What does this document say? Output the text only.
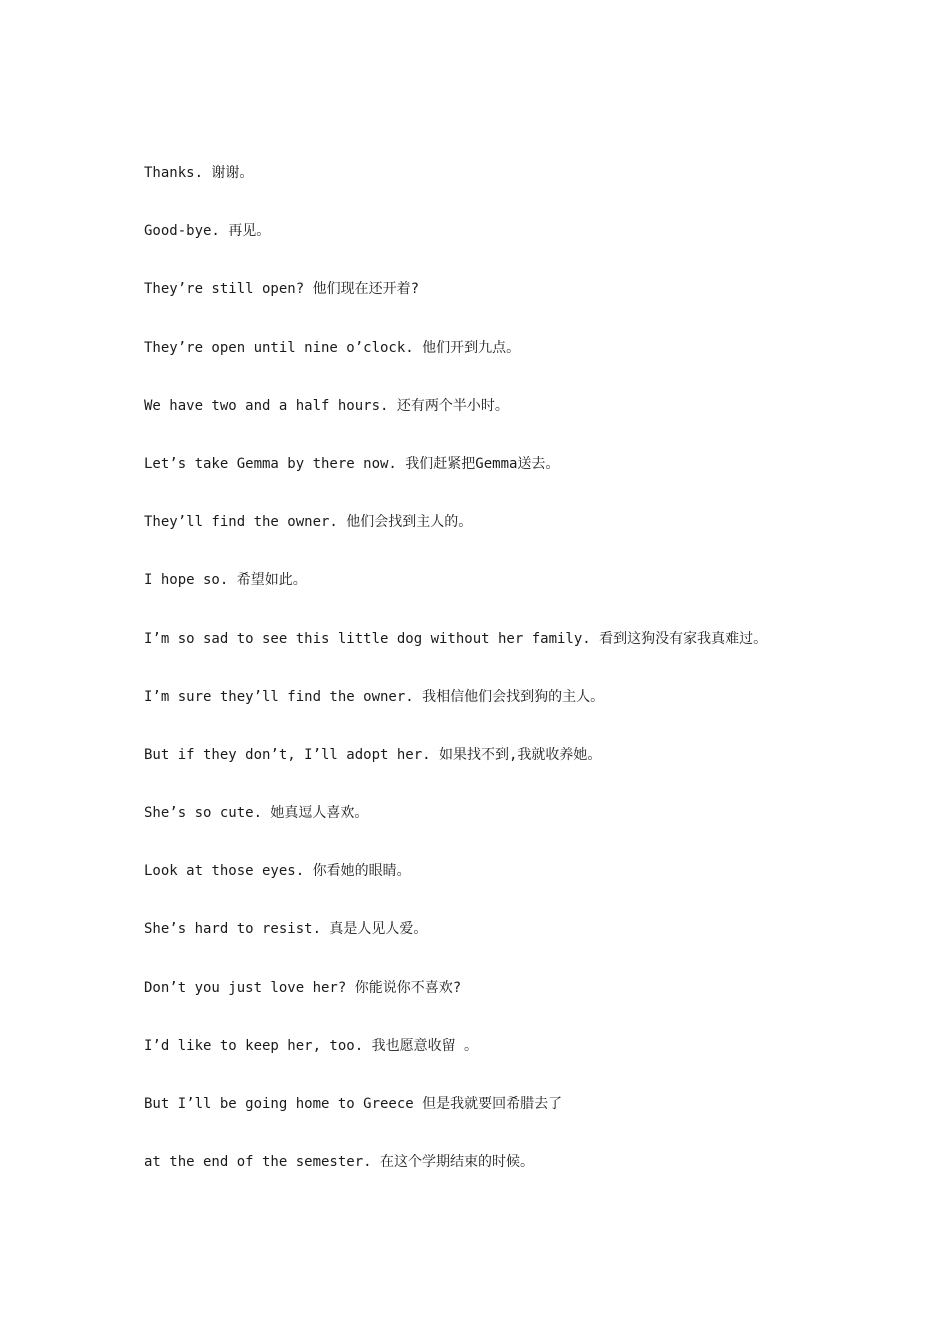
Thanks. 谢谢。
Good-bye. 再见。
They’re still open? 他们现在还开着?
They’re open until nine o’clock. 他们开到九点。
We have two and a half hours. 还有两个半小时。
Let’s take Gemma by there now. 我们赶紧把Gemma送去。
They’ll find the owner. 他们会找到主人的。
I hope so. 希望如此。
I’m so sad to see this little dog without her family. 看到这狗没有家我真难过。
I’m sure they’ll find the owner. 我相信他们会找到狗的主人。
But if they don’t, I’ll adopt her. 如果找不到,我就收养她。
She’s so cute. 她真逗人喜欢。
Look at those eyes. 你看她的眼睛。
She’s hard to resist. 真是人见人爱。
Don’t you just love her? 你能说你不喜欢?
I’d like to keep her, too. 我也愿意收留 。
But I’ll be going home to Greece 但是我就要回希腊去了
at the end of the semester. 在这个学期结束的时候。
